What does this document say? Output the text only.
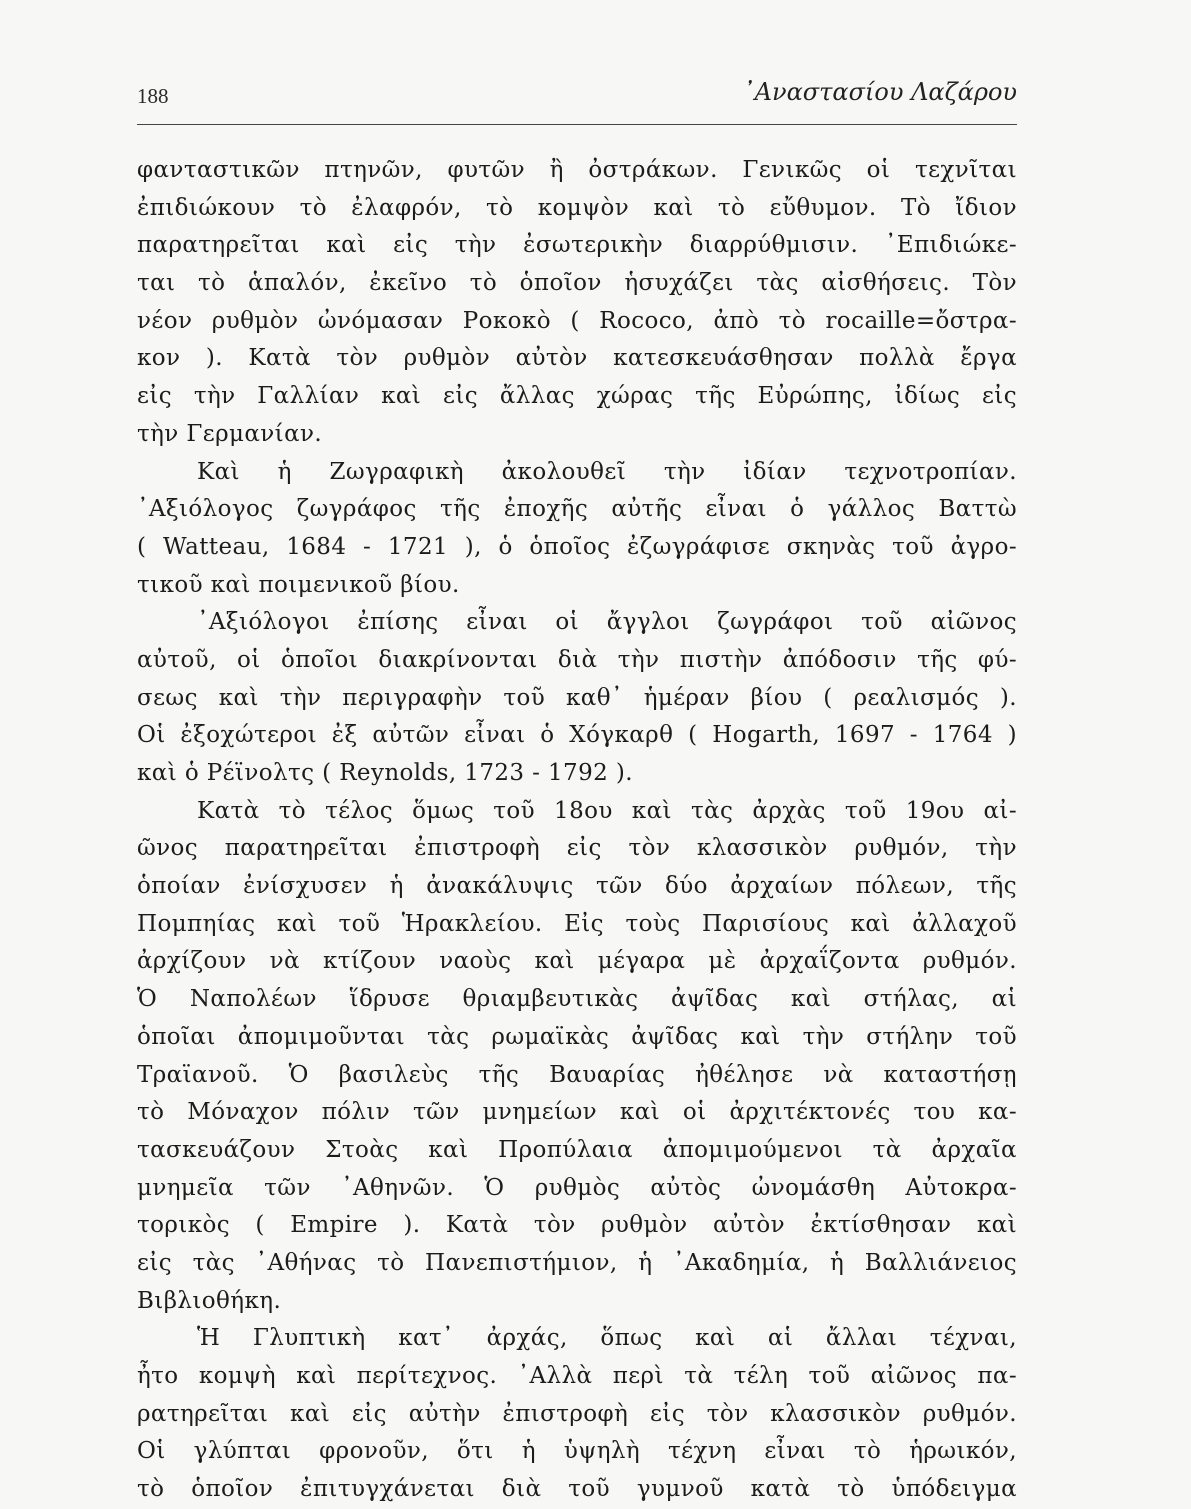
188	᾿Αναστασίου Λαζάρου
φανταστικῶν πτηνῶν, φυτῶν ἢ ὀστράκων. Γενικῶς οἱ τεχνῖται
ἐπιδιώκουν τὸ ἐλαφρόν, τὸ κομψὸν καὶ τὸ εὔθυμον. Τὸ ἴδιον
παρατηρεῖται καὶ εἰς τὴν ἐσωτερικὴν διαρρύθμισιν. ᾿Επιδιώκε-
ται τὸ ἁπαλόν, ἐκεῖνο τὸ ὁποῖον ἡσυχάζει τὰς αἰσθήσεις. Τὸν
νέον ρυθμὸν ὠνόμασαν Ροκοκὸ ( Rococo, ἀπὸ τὸ rocaille=ὄστρα-
κον ). Κατὰ τὸν ρυθμὸν αὐτὸν κατεσκευάσθησαν πολλὰ ἔργα
εἰς τὴν Γαλλίαν καὶ εἰς ἄλλας χώρας τῆς Εὐρώπης, ἰδίως εἰς
τὴν Γερμανίαν.
Καὶ ἡ Ζωγραφικὴ ἀκολουθεῖ τὴν ἰδίαν τεχνοτροπίαν.
᾿Αξιόλογος ζωγράφος τῆς ἐποχῆς αὐτῆς εἶναι ὁ γάλλος Βαττὼ
( Watteau, 1684 - 1721 ), ὁ ὁποῖος ἐζωγράφισε σκηνὰς τοῦ ἀγρο-
τικοῦ καὶ ποιμενικοῦ βίου.
᾿Αξιόλογοι ἐπίσης εἶναι οἱ ἄγγλοι ζωγράφοι τοῦ αἰῶνος
αὐτοῦ, οἱ ὁποῖοι διακρίνονται διὰ τὴν πιστὴν ἀπόδοσιν τῆς φύ-
σεως καὶ τὴν περιγραφὴν τοῦ καθ᾿ ἡμέραν βίου ( ρεαλισμός ).
Οἱ ἐξοχώτεροι ἐξ αὐτῶν εἶναι ὁ Χόγκαρθ ( Hogarth, 1697 - 1764 )
καὶ ὁ Ρέϊνολτς ( Reynolds, 1723 - 1792 ).
Κατὰ τὸ τέλος ὅμως τοῦ 18ου καὶ τὰς ἀρχὰς τοῦ 19ου αἰ-
ῶνος παρατηρεῖται ἐπιστροφὴ εἰς τὸν κλασσικὸν ρυθμόν, τὴν
ὁποίαν ἐνίσχυσεν ἡ ἀνακάλυψις τῶν δύο ἀρχαίων πόλεων, τῆς
Πομπηίας καὶ τοῦ Ἡρακλείου. Εἰς τοὺς Παρισίους καὶ ἀλλαχοῦ
ἀρχίζουν νὰ κτίζουν ναοὺς καὶ μέγαρα μὲ ἀρχαΐζοντα ρυθμόν.
Ὁ Ναπολέων ἵδρυσε θριαμβευτικὰς ἀψῖδας καὶ στήλας, αἱ
ὁποῖαι ἀπομιμοῦνται τὰς ρωμαϊκὰς ἀψῖδας καὶ τὴν στήλην τοῦ
Τραϊανοῦ. Ὁ βασιλεὺς τῆς Βαυαρίας ἠθέλησε νὰ καταστήσῃ
τὸ Μόναχον πόλιν τῶν μνημείων καὶ οἱ ἀρχιτέκτονές του κα-
τασκευάζουν Στοὰς καὶ Προπύλαια ἀπομιμούμενοι τὰ ἀρχαῖα
μνημεῖα τῶν ᾿Αθηνῶν. Ὁ ρυθμὸς αὐτὸς ὠνομάσθη Αὐτοκρα-
τορικὸς ( Empire ). Κατὰ τὸν ρυθμὸν αὐτὸν ἐκτίσθησαν καὶ
εἰς τὰς ᾿Αθήνας τὸ Πανεπιστήμιον, ἡ ᾿Ακαδημία, ἡ Βαλλιάνειος
Βιβλιοθήκη.
Ἡ Γλυπτικὴ κατ᾿ ἀρχάς, ὅπως καὶ αἱ ἄλλαι τέχναι,
ἦτο κομψὴ καὶ περίτεχνος. ᾿Αλλὰ περὶ τὰ τέλη τοῦ αἰῶνος πα-
ρατηρεῖται καὶ εἰς αὐτὴν ἐπιστροφὴ εἰς τὸν κλασσικὸν ρυθμόν.
Οἱ γλύπται φρονοῦν, ὅτι ἡ ὑψηλὴ τέχνη εἶναι τὸ ἡρωικόν,
τὸ ὁποῖον ἐπιτυγχάνεται διὰ τοῦ γυμνοῦ κατὰ τὸ ὑπόδειγμα
